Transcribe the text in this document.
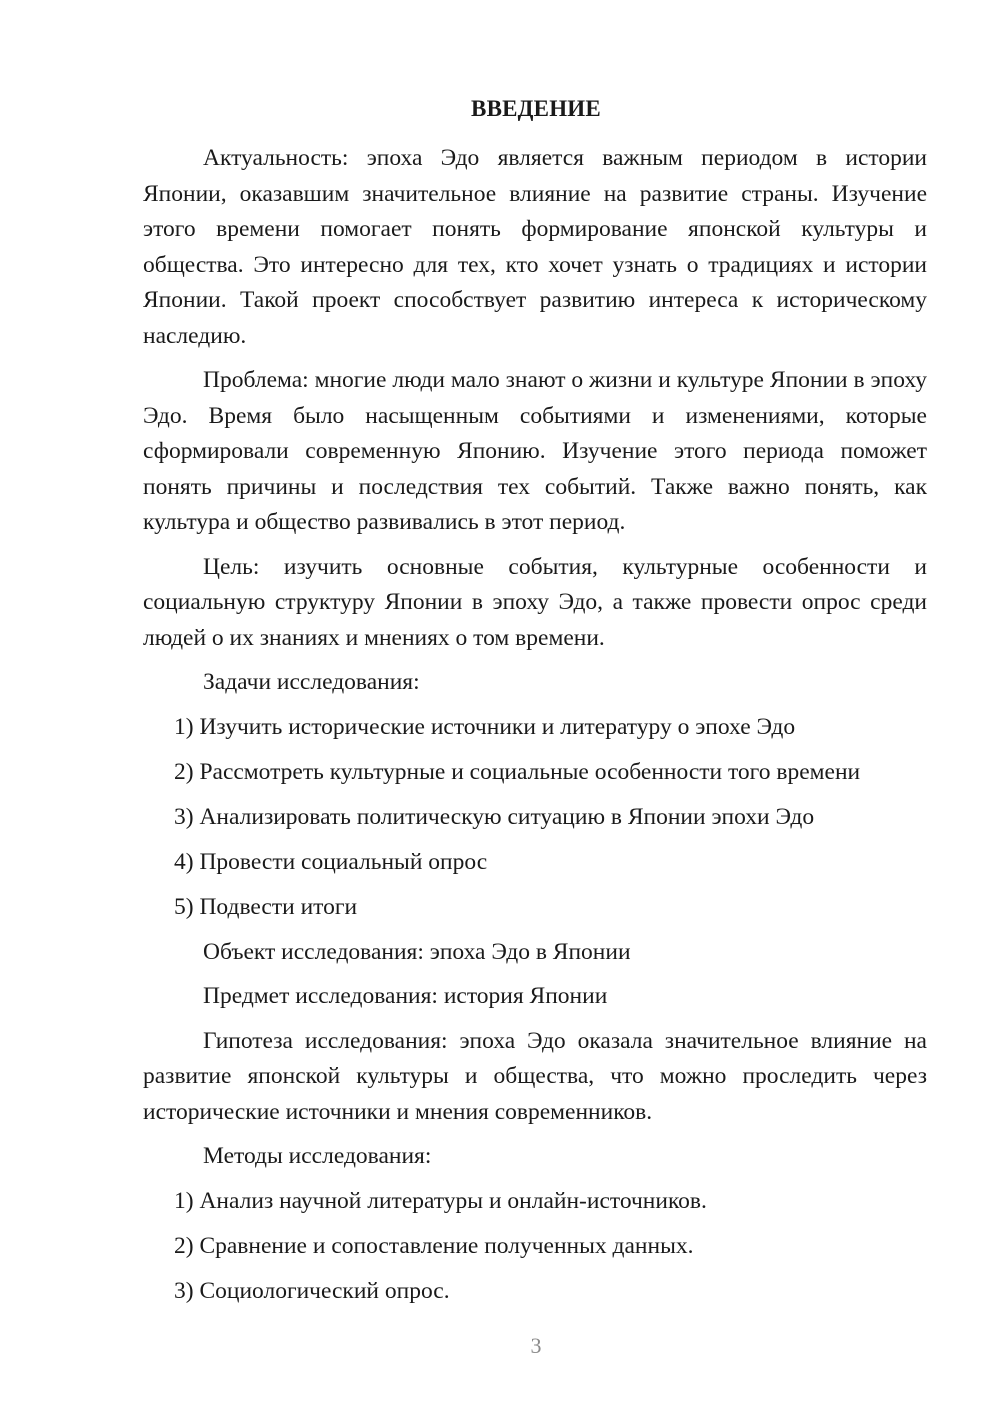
ВВЕДЕНИЕ

Актуальность: эпоха Эдо является важным периодом в истории Японии, оказавшим значительное влияние на развитие страны. Изучение этого времени помогает понять формирование японской культуры и общества. Это интересно для тех, кто хочет узнать о традициях и истории Японии. Такой проект способствует развитию интереса к историческому наследию.

Проблема: многие люди мало знают о жизни и культуре Японии в эпоху Эдо. Время было насыщенным событиями и изменениями, которые сформировали современную Японию. Изучение этого периода поможет понять причины и последствия тех событий. Также важно понять, как культура и общество развивались в этот период.

Цель: изучить основные события, культурные особенности и социальную структуру Японии в эпоху Эдо, а также провести опрос среди людей о их знаниях и мнениях о том времени.

Задачи исследования:

1) Изучить исторические источники и литературу о эпохе Эдо

2) Рассмотреть культурные и социальные особенности того времени

3) Анализировать политическую ситуацию в Японии эпохи Эдо

4) Провести социальный опрос

5) Подвести итоги

Объект исследования: эпоха Эдо в Японии

Предмет исследования: история Японии

Гипотеза исследования: эпоха Эдо оказала значительное влияние на развитие японской культуры и общества, что можно проследить через исторические источники и мнения современников.

Методы исследования:

1) Анализ научной литературы и онлайн-источников.

2) Сравнение и сопоставление полученных данных.

3) Социологический опрос.

3
